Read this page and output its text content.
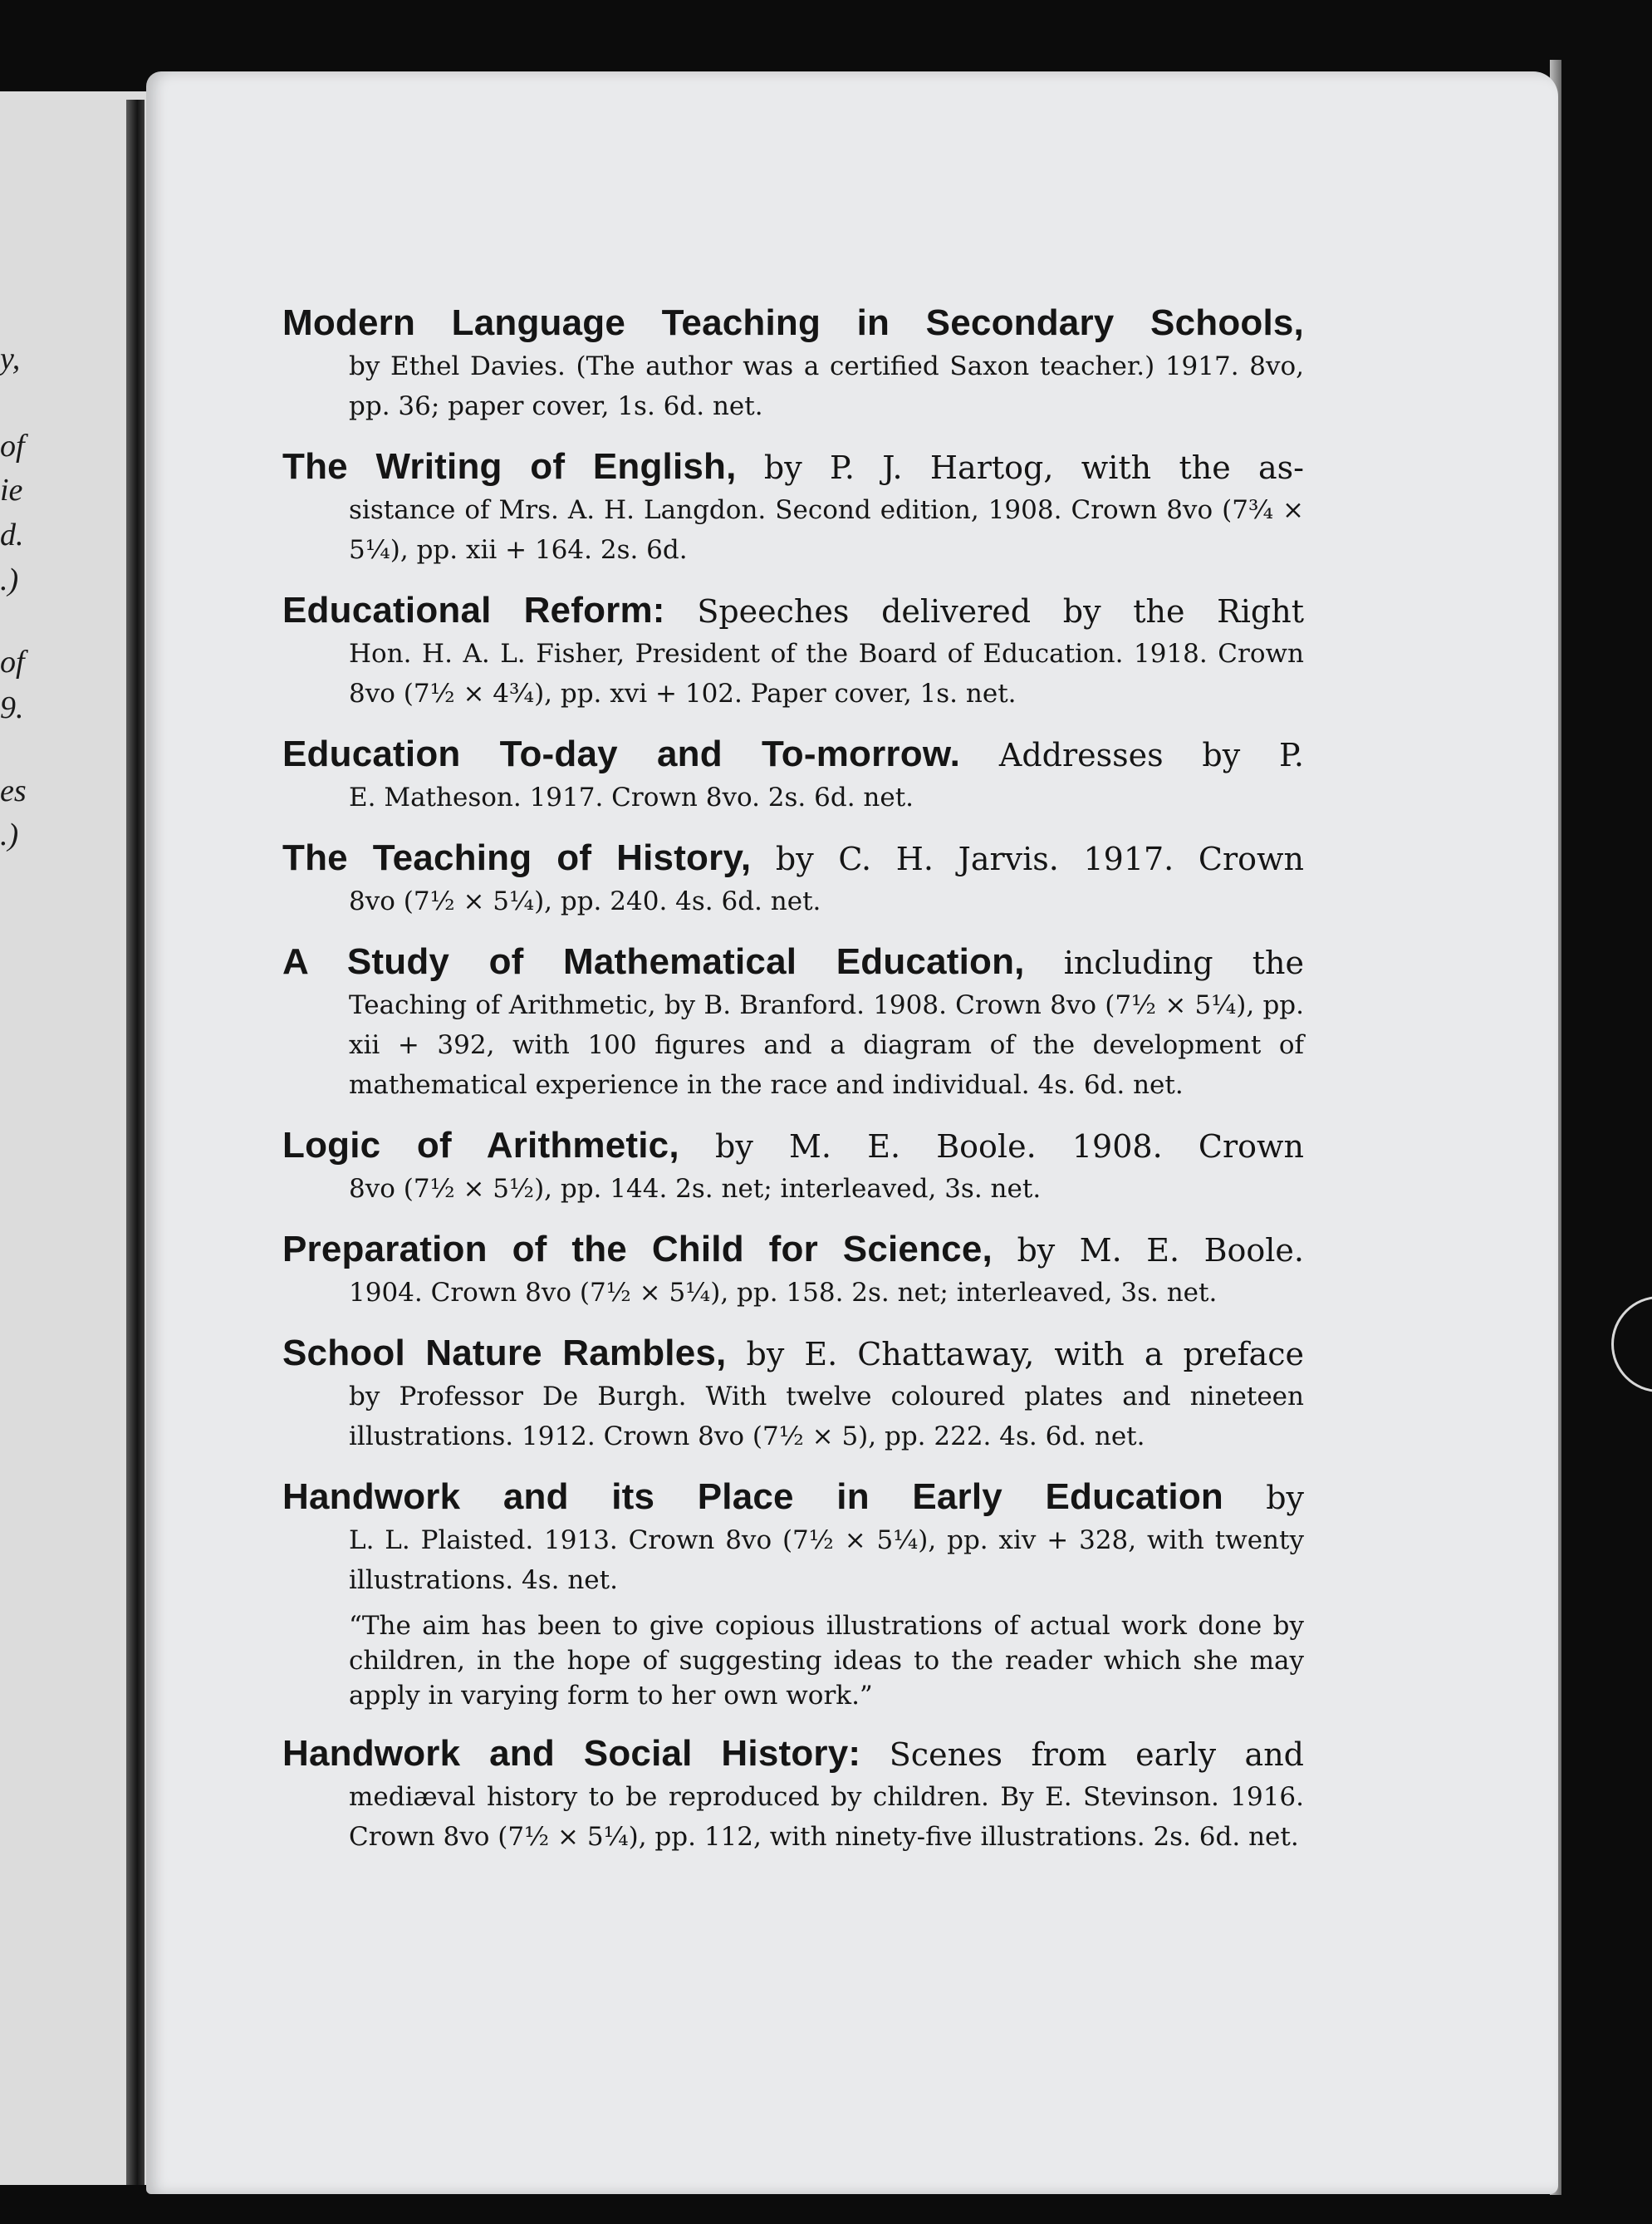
y,
of
ie
d.
.)
of
9.
es
.)
Modern Language Teaching in Secondary Schools,
by Ethel Davies. (The author was a certified Saxon teacher.) 1917. 8vo, pp. 36; paper cover, 1s. 6d. net.
The Writing of English, by P. J. Hartog, with the as-
sistance of Mrs. A. H. Langdon. Second edition, 1908. Crown 8vo (7¾ × 5¼), pp. xii + 164. 2s. 6d.
Educational Reform: Speeches delivered by the Right
Hon. H. A. L. Fisher, President of the Board of Education. 1918. Crown 8vo (7½ × 4¾), pp. xvi + 102. Paper cover, 1s. net.
Education To-day and To-morrow. Addresses by P.
E. Matheson. 1917. Crown 8vo. 2s. 6d. net.
The Teaching of History, by C. H. Jarvis. 1917. Crown
8vo (7½ × 5¼), pp. 240. 4s. 6d. net.
A Study of Mathematical Education, including the
Teaching of Arithmetic, by B. Branford. 1908. Crown 8vo (7½ × 5¼), pp. xii + 392, with 100 figures and a diagram of the development of mathematical experience in the race and individual. 4s. 6d. net.
Logic of Arithmetic, by M. E. Boole. 1908. Crown
8vo (7½ × 5½), pp. 144. 2s. net; interleaved, 3s. net.
Preparation of the Child for Science, by M. E. Boole.
1904. Crown 8vo (7½ × 5¼), pp. 158. 2s. net; interleaved, 3s. net.
School Nature Rambles, by E. Chattaway, with a preface
by Professor De Burgh. With twelve coloured plates and nineteen illustrations. 1912. Crown 8vo (7½ × 5), pp. 222. 4s. 6d. net.
Handwork and its Place in Early Education by
L. L. Plaisted. 1913. Crown 8vo (7½ × 5¼), pp. xiv + 328, with twenty illustrations. 4s. net.
“The aim has been to give copious illustrations of actual work done by children, in the hope of suggesting ideas to the reader which she may apply in varying form to her own work.”
Handwork and Social History: Scenes from early and
mediæval history to be reproduced by children. By E. Stevinson. 1916. Crown 8vo (7½ × 5¼), pp. 112, with ninety-five illustrations. 2s. 6d. net.
